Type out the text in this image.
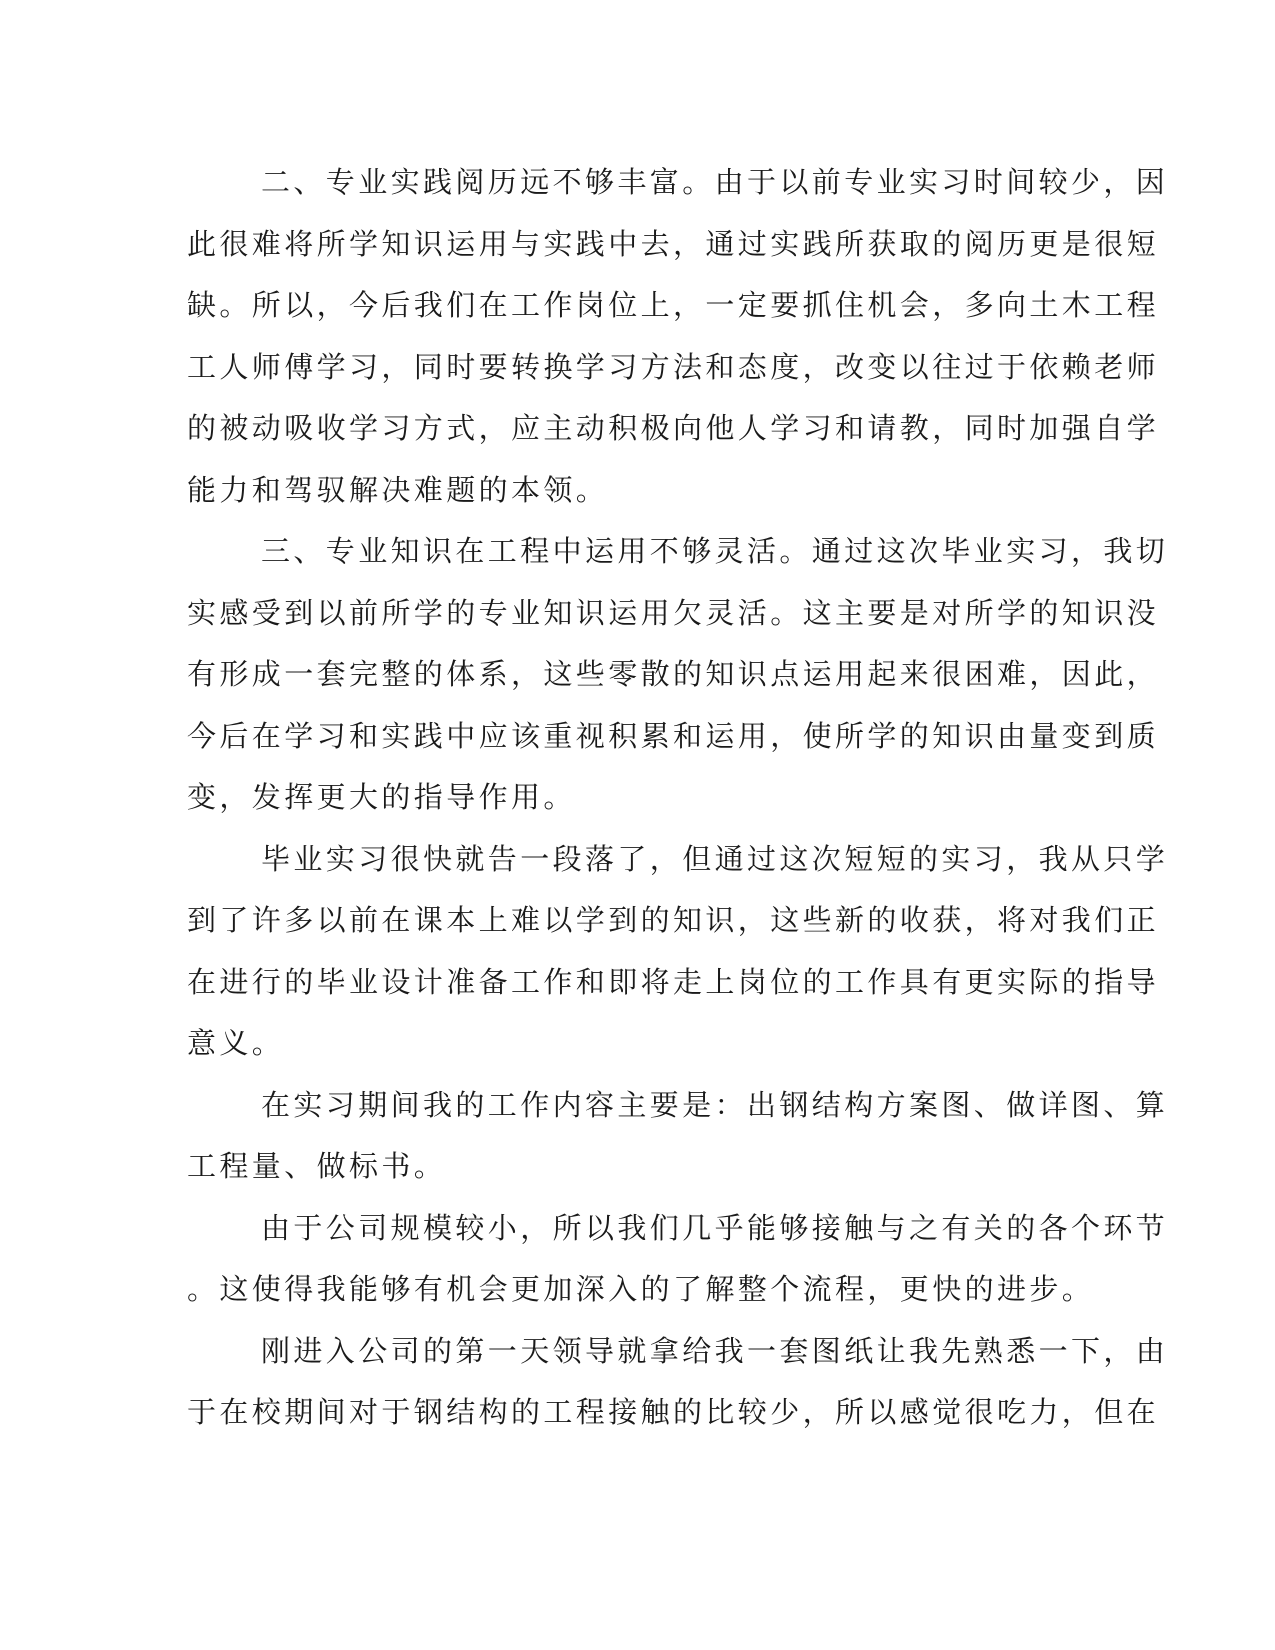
二、专业实践阅历远不够丰富。由于以前专业实习时间较少，因
此很难将所学知识运用与实践中去，通过实践所获取的阅历更是很短
缺。所以，今后我们在工作岗位上，一定要抓住机会，多向土木工程
工人师傅学习，同时要转换学习方法和态度，改变以往过于依赖老师
的被动吸收学习方式，应主动积极向他人学习和请教，同时加强自学
能力和驾驭解决难题的本领。
三、专业知识在工程中运用不够灵活。通过这次毕业实习，我切
实感受到以前所学的专业知识运用欠灵活。这主要是对所学的知识没
有形成一套完整的体系，这些零散的知识点运用起来很困难，因此，
今后在学习和实践中应该重视积累和运用，使所学的知识由量变到质
变，发挥更大的指导作用。
毕业实习很快就告一段落了，但通过这次短短的实习，我从只学
到了许多以前在课本上难以学到的知识，这些新的收获，将对我们正
在进行的毕业设计准备工作和即将走上岗位的工作具有更实际的指导
意义。
在实习期间我的工作内容主要是：出钢结构方案图、做详图、算
工程量、做标书。
由于公司规模较小，所以我们几乎能够接触与之有关的各个环节
。这使得我能够有机会更加深入的了解整个流程，更快的进步。
刚进入公司的第一天领导就拿给我一套图纸让我先熟悉一下，由
于在校期间对于钢结构的工程接触的比较少，所以感觉很吃力，但在
